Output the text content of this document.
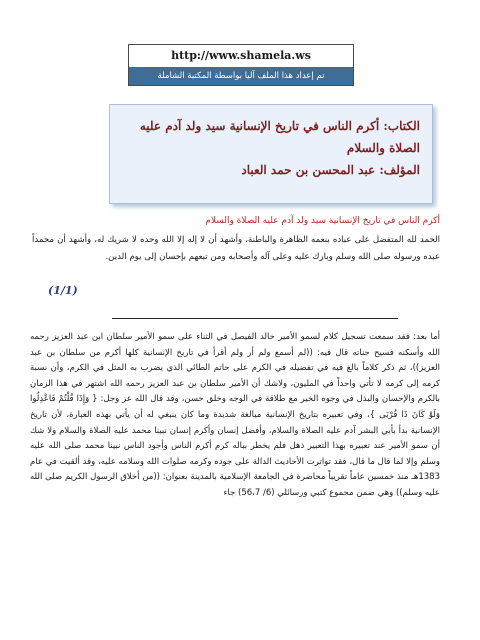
http://www.shamela.ws
تم إعداد هذا الملف آليا بواسطة المكتبة الشاملة
الكتاب: أكرم الناس في تاريخ الإنسانية سيد ولد آدم عليه الصلاة والسلام
المؤلف: عبد المحسن بن حمد العباد
أكرم الناس في تاريخ الإنسانية سيد ولد آدم عليه الصلاة والسلام
الحمد لله المتفضل على عباده بنعمه الظاهرة والباطنة، وأشهد أن لا إله إلا الله وحده لا شريك له، وأشهد أن محمداً عبده ورسوله صلى الله وسلم وبارك عليه وعلى آله وأصحابه ومن تبعهم بإحسان إلى يوم الدين.
(1/1)
أما بعد: فقد سمعت تسجيل كلام لسمو الأمير خالد الفيصل في الثناء على سمو الأمير سلطان ابن عبد العزيز رحمه الله وأسكنه فسيح جناته قال فيه: ((لم أسمع ولم أر ولم أقرأ في تاريخ الإنسانية كلها أكرم من سلطان بن عبد العزيز))، ثم ذكر كلاماً بالغ فيه في تفضيله في الكرم على حاتم الطائي الذي يضرب به المثل في الكرم، وأن نسبة كرمه إلى كرمه لا تأتي واحداً في المليون، ولاشك أن الأمير سلطان بن عبد العزيز رحمه الله اشتهر في هذا الزمان بالكرم والإحسان والبذل في وجوه الخير مع طلاقة في الوجه وخلق حسن، وقد قال الله عز وجل: { وَإِذَا قُلْتُمْ فَاعْدِلُوا وَلَوْ كَانَ ذَا قُرْبَى }، وفي تعبيره بتاريخ الإنسانية مبالغة شديدة وما كان ينبغي له أن يأتي بهذه العبارة، لأن تاريخ الإنسانية بدأ بأبي البشر آدم عليه الصلاة والسلام، وأفضل إنسان وأكرم إنسان نبينا محمد عليه الصلاة والسلام ولا شك أن سمو الأمير عند تعبيره بهذا التعبير ذهل فلم يخطر بباله كرم أكرم الناس وأجود الناس نبينا محمد صلى الله عليه وسلم وإلا لما قال ما قال، فقد تواترت الأحاديث الدالة على جوده وكرمه صلوات الله وسلامه عليه، وقد ألقيت في عام 1383هـ منذ خمسين عاماً تقريباً محاضرة في الجامعة الإسلامية بالمدينة بعنوان: ((من أخلاق الرسول الكريم صلى الله عليه وسلم)) وهي ضمن مجموع كتبي ورسائلي (6/ 56،7) جاء
